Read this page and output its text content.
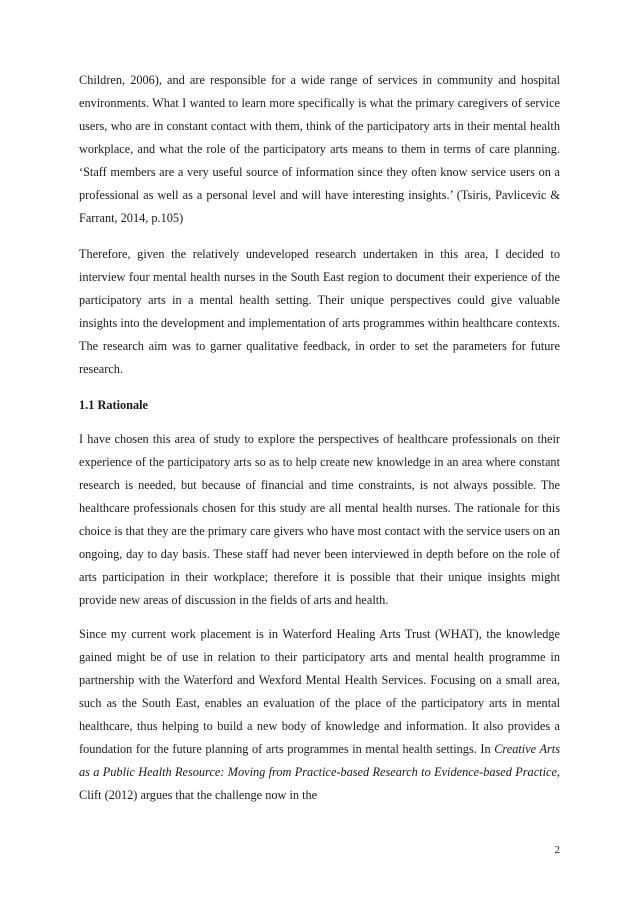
Children, 2006), and are responsible for a wide range of services in community and hospital environments. What I wanted to learn more specifically is what the primary caregivers of service users, who are in constant contact with them, think of the participatory arts in their mental health workplace, and what the role of the participatory arts means to them in terms of care planning. ‘Staff members are a very useful source of information since they often know service users on a professional as well as a personal level and will have interesting insights.’ (Tsiris, Pavlicevic & Farrant, 2014, p.105)

Therefore, given the relatively undeveloped research undertaken in this area, I decided to interview four mental health nurses in the South East region to document their experience of the participatory arts in a mental health setting. Their unique perspectives could give valuable insights into the development and implementation of arts programmes within healthcare contexts. The research aim was to garner qualitative feedback, in order to set the parameters for future research.

1.1 Rationale

I have chosen this area of study to explore the perspectives of healthcare professionals on their experience of the participatory arts so as to help create new knowledge in an area where constant research is needed, but because of financial and time constraints, is not always possible. The healthcare professionals chosen for this study are all mental health nurses. The rationale for this choice is that they are the primary care givers who have most contact with the service users on an ongoing, day to day basis. These staff had never been interviewed in depth before on the role of arts participation in their workplace; therefore it is possible that their unique insights might provide new areas of discussion in the fields of arts and health.

Since my current work placement is in Waterford Healing Arts Trust (WHAT), the knowledge gained might be of use in relation to their participatory arts and mental health programme in partnership with the Waterford and Wexford Mental Health Services. Focusing on a small area, such as the South East, enables an evaluation of the place of the participatory arts in mental healthcare, thus helping to build a new body of knowledge and information. It also provides a foundation for the future planning of arts programmes in mental health settings. In Creative Arts as a Public Health Resource: Moving from Practice-based Research to Evidence-based Practice, Clift (2012) argues that the challenge now in the

2
